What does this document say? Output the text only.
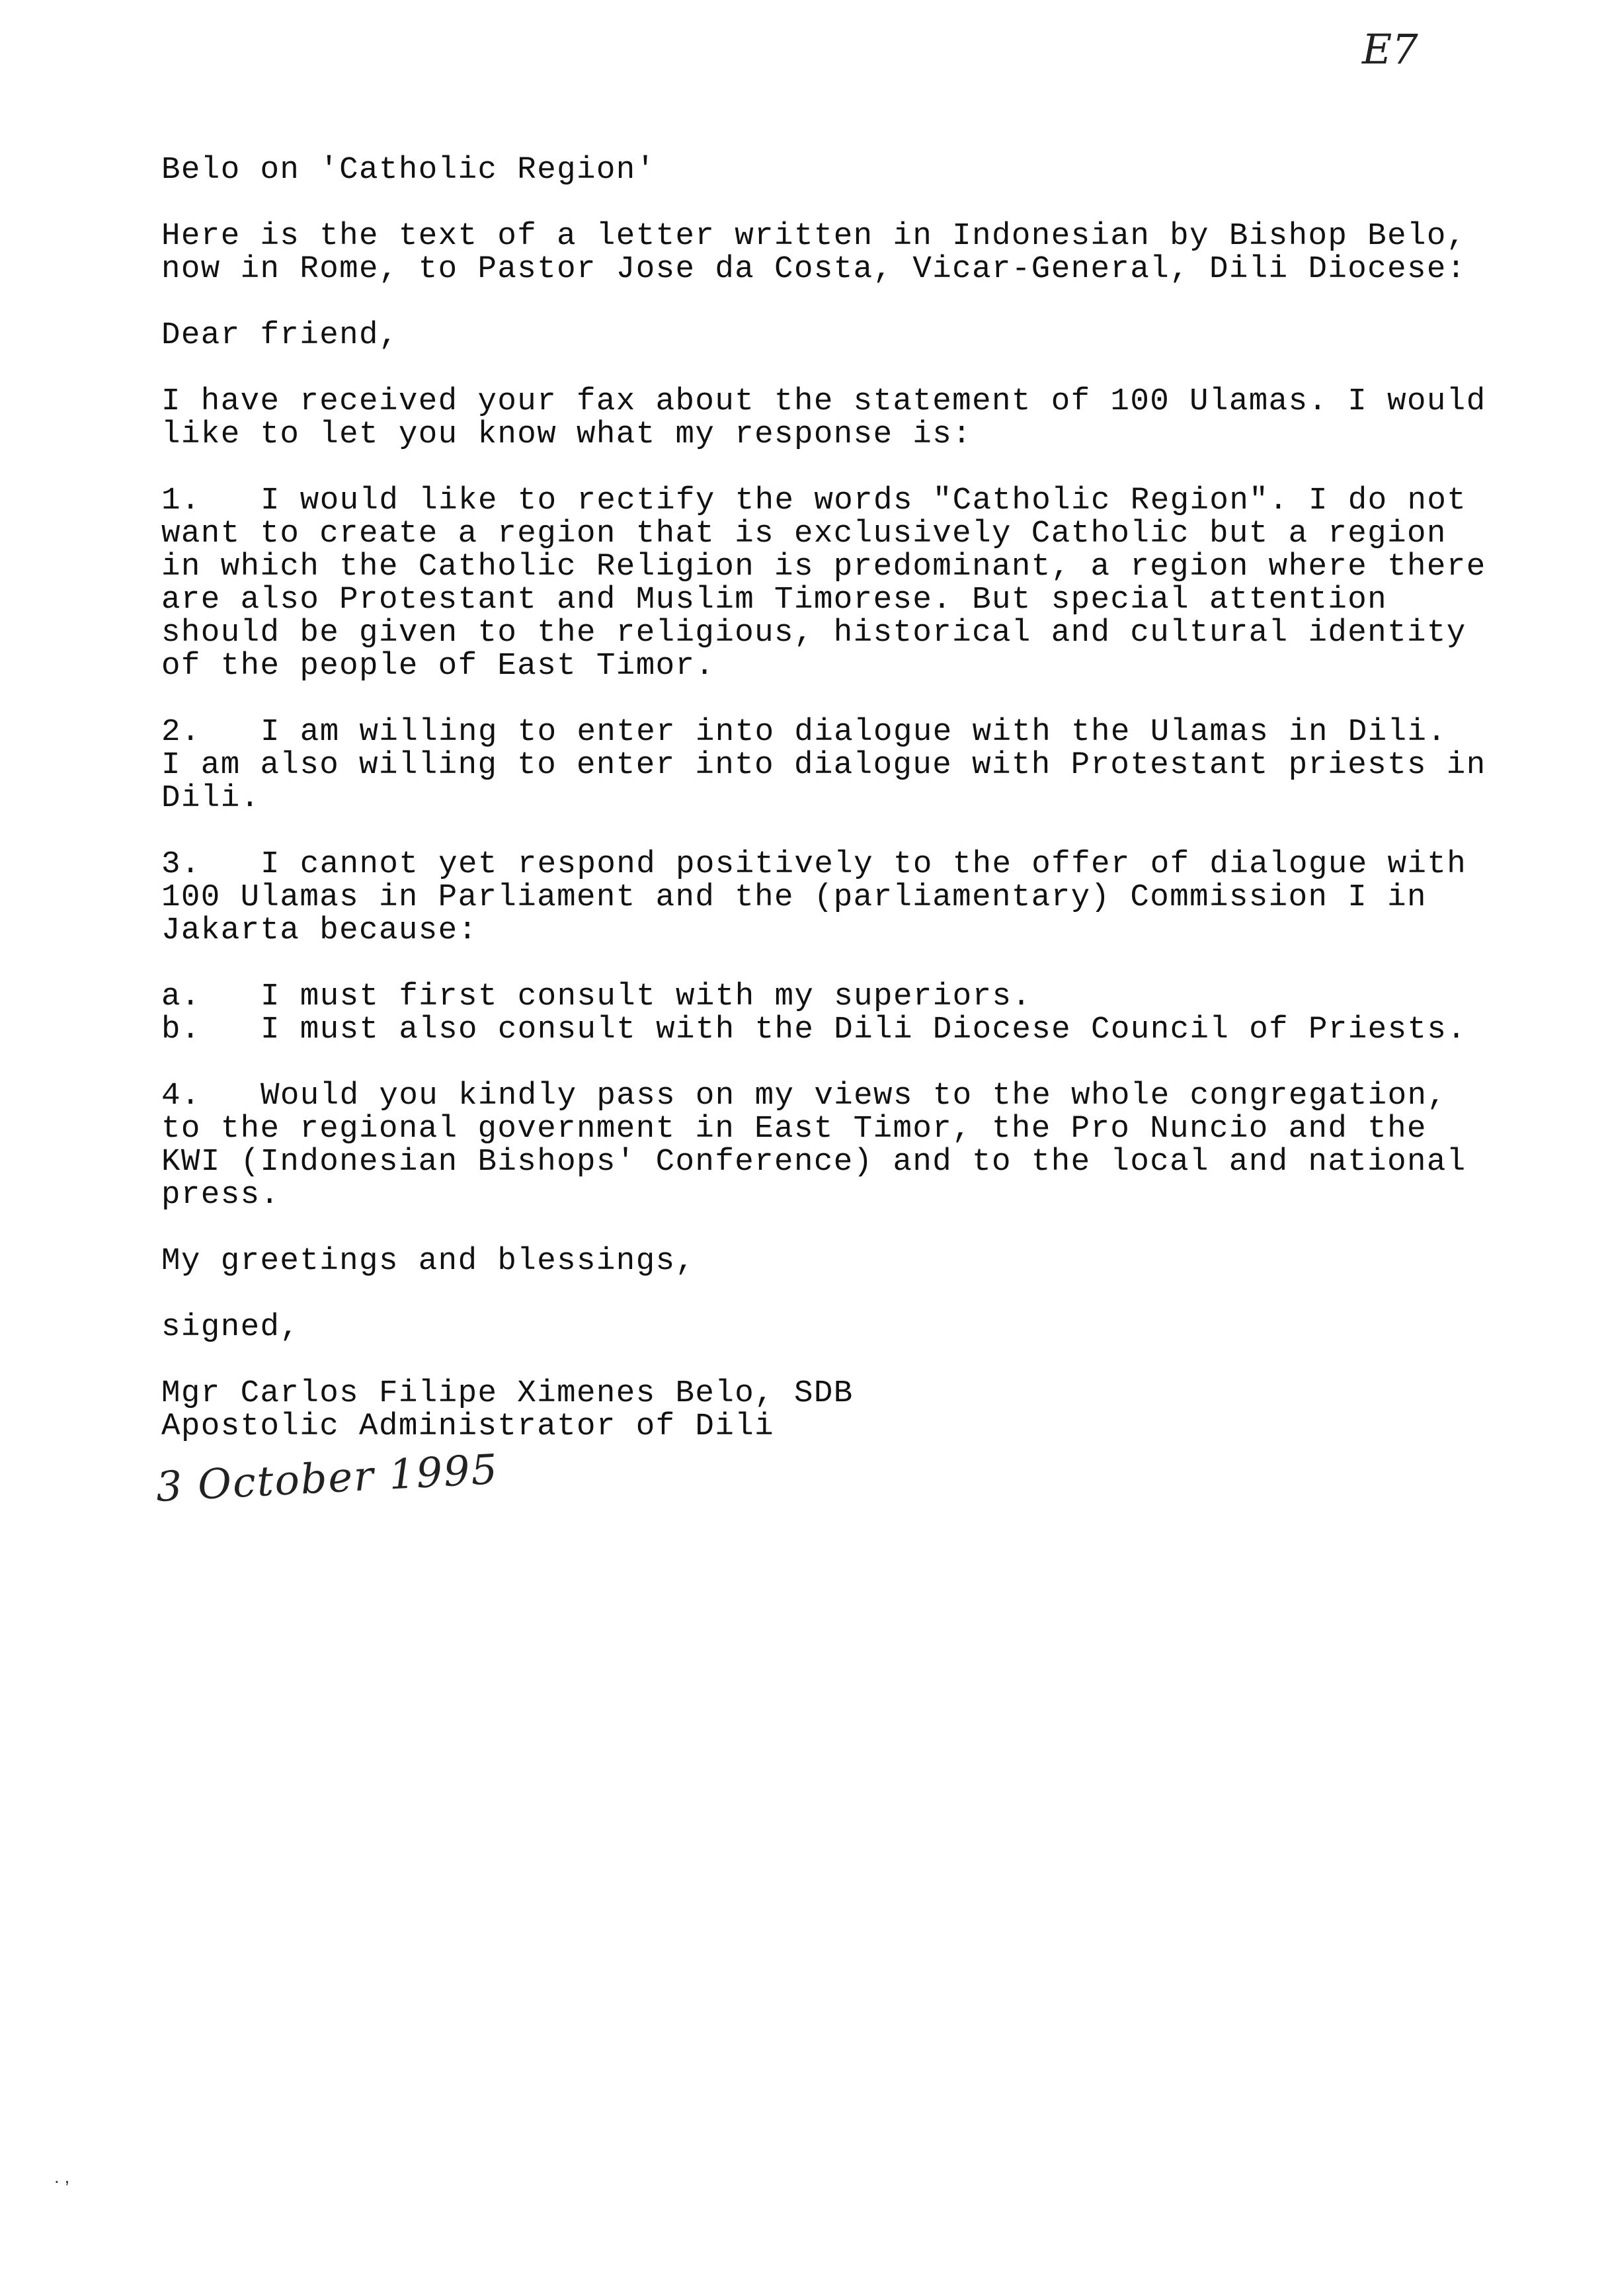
E7
Belo on 'Catholic Region'
Here is the text of a letter written in Indonesian by Bishop Belo,
now in Rome, to Pastor Jose da Costa, Vicar-General, Dili Diocese:
Dear friend,
I have received your fax about the statement of 100 Ulamas. I would
like to let you know what my response is:
1. I would like to rectify the words "Catholic Region". I do not
want to create a region that is exclusively Catholic but a region
in which the Catholic Religion is predominant, a region where there
are also Protestant and Muslim Timorese. But special attention
should be given to the religious, historical and cultural identity
of the people of East Timor.
2. I am willing to enter into dialogue with the Ulamas in Dili.
I am also willing to enter into dialogue with Protestant priests in
Dili.
3. I cannot yet respond positively to the offer of dialogue with
100 Ulamas in Parliament and the (parliamentary) Commission I in
Jakarta because:
a. I must first consult with my superiors.
b. I must also consult with the Dili Diocese Council of Priests.
4. Would you kindly pass on my views to the whole congregation,
to the regional government in East Timor, the Pro Nuncio and the
KWI (Indonesian Bishops' Conference) and to the local and national
press.
My greetings and blessings,
signed,
Mgr Carlos Filipe Ximenes Belo, SDB
Apostolic Administrator of Dili
3 October 1995
. ,
